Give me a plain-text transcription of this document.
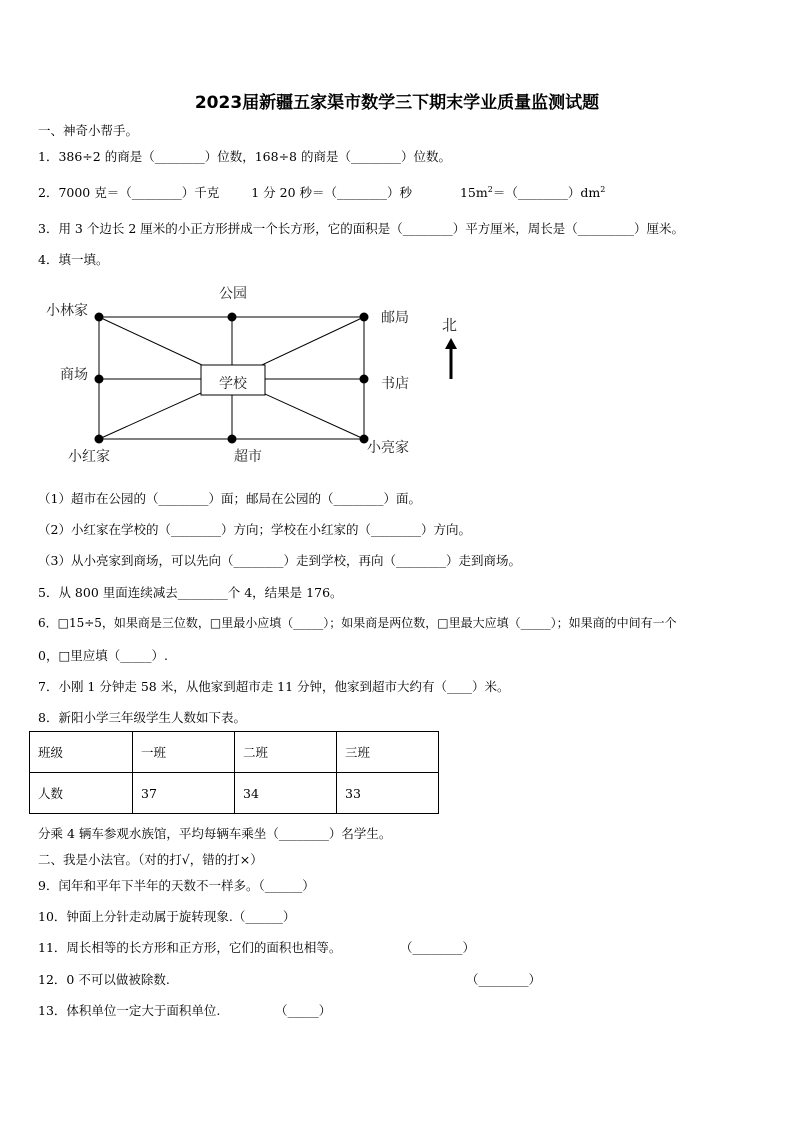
2023届新疆五家渠市数学三下期末学业质量监测试题
一、神奇小帮手。
1．386÷2 的商是（________）位数，168÷8 的商是（________）位数。
2．7000 克＝（________）千克	1 分 20 秒＝（________）秒	$15m^2=(\_\_\_\_\_\_\_\_)dm^2$
3．用 3 个边长 2 厘米的小正方形拼成一个长方形，它的面积是（________）平方厘米，周长是（_________）厘米。
4．填一填。
小林家
公园
邮局
商场
学校	书店
小红家	超市
小亮家
北
（1）超市在公园的（________）面；邮局在公园的（________）面。
（2）小红家在学校的（________）方向；学校在小红家的（________）方向。
（3）从小亮家到商场，可以先向（________）走到学校，再向（________）走到商场。
5．从 800 里面连续减去________个 4，结果是 176。
6．□15÷5，如果商是三位数，□里最小应填（_____）；如果商是两位数，□里最大应填（_____）；如果商的中间有一个
0，□里应填（_____）.
7．小刚 1 分钟走 58 米，从他家到超市走 11 分钟，他家到超市大约有（____）米。
8．新阳小学三年级学生人数如下表。
班级	一班	二班	三班
人数	37	34	33
分乘 4 辆车参观水族馆，平均每辆车乘坐（________）名学生。
二、我是小法官。（对的打√，错的打×）
9．闰年和平年下半年的天数不一样多。（______）
10．钟面上分针走动属于旋转现象.（______）
11．周长相等的长方形和正方形，它们的面积也相等。	（________）
12．0 不可以做被除数.	（________）
13．体积单位一定大于面积单位.	（_____）
